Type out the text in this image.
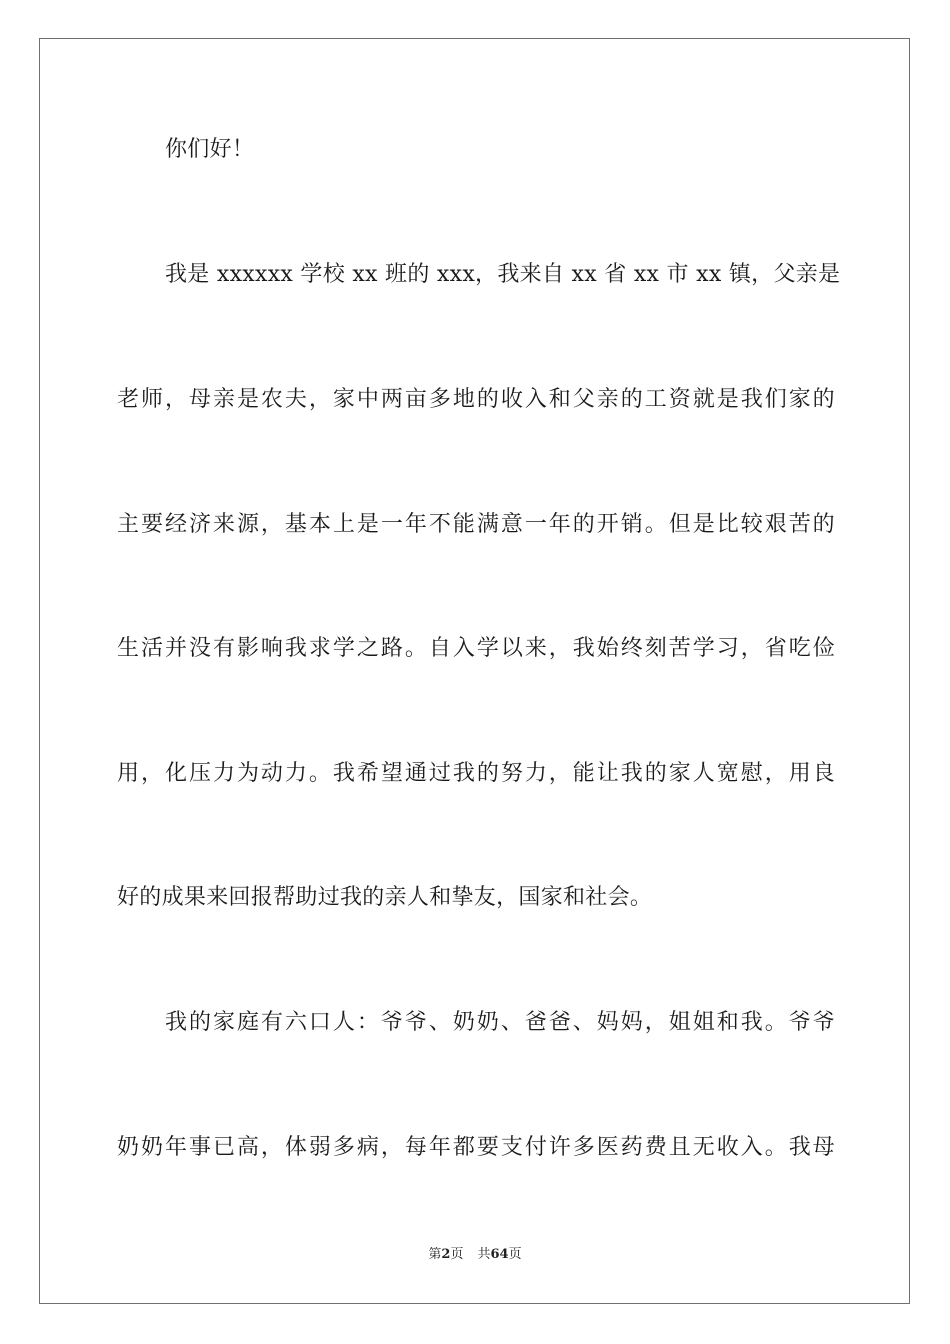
你们好！
我是 xxxxxx 学校 xx 班的 xxx，我来自 xx 省 xx 市 xx 镇，父亲是
老师，母亲是农夫，家中两亩多地的收入和父亲的工资就是我们家的
主要经济来源，基本上是一年不能满意一年的开销。但是比较艰苦的
生活并没有影响我求学之路。自入学以来，我始终刻苦学习，省吃俭
用，化压力为动力。我希望通过我的努力，能让我的家人宽慰，用良
好的成果来回报帮助过我的亲人和挚友，国家和社会。
我的家庭有六口人：爷爷、奶奶、爸爸、妈妈，姐姐和我。爷爷
奶奶年事已高，体弱多病，每年都要支付许多医药费且无收入。我母
第2页 共64页
